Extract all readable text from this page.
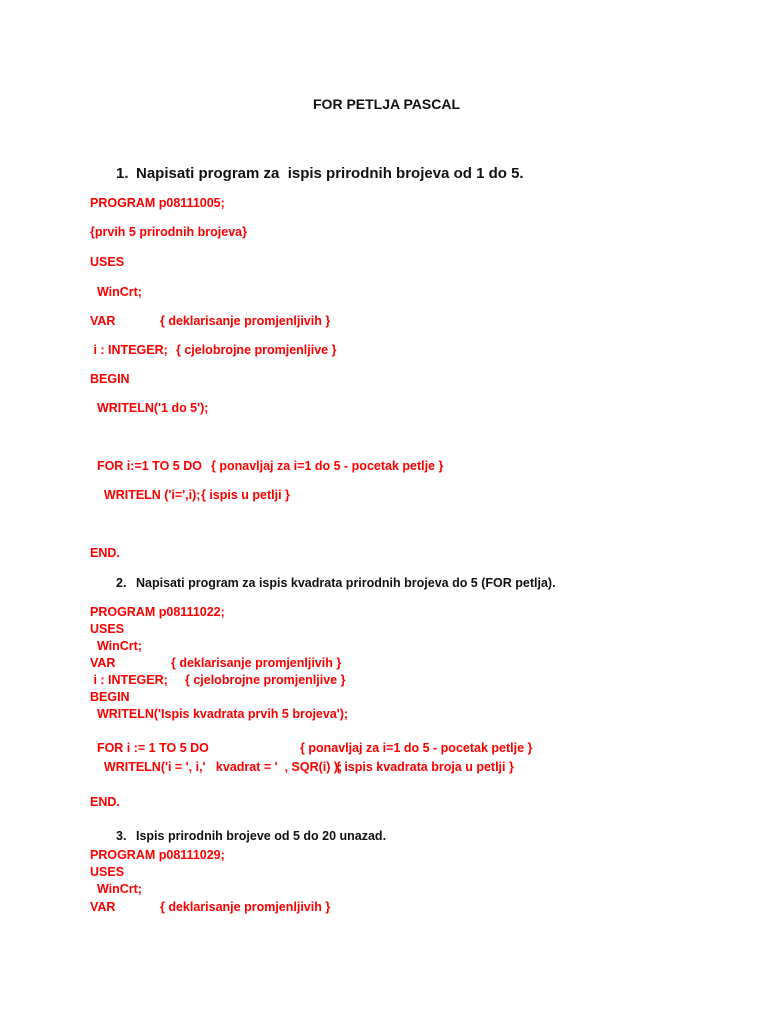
FOR PETLJA PASCAL
1. Napisati program za  ispis prirodnih brojeva od 1 do 5.
PROGRAM p08111005;
{prvih 5 prirodnih brojeva}
USES
WinCrt;
VAR	{ deklarisanje promjenljivih }
i : INTEGER; { cjelobrojne promjenljive }
BEGIN
WRITELN('1 do 5');
FOR i:=1 TO 5 DO { ponavljaj za i=1 do 5 - pocetak petlje }
WRITELN ('i=',i); { ispis u petlji }
END.
2. Napisati program za ispis kvadrata prirodnih brojeva do 5 (FOR petlja).
PROGRAM p08111022;
USES
WinCrt;
VAR	{ deklarisanje promjenljivih }
i : INTEGER; { cjelobrojne promjenljive }
BEGIN
WRITELN('Ispis kvadrata prvih 5 brojeva');
FOR i := 1 TO 5 DO	{ ponavljaj za i=1 do 5 - pocetak petlje }
WRITELN('i = ', i,'   kvadrat = '  , SQR(i) );
{ ispis kvadrata broja u petlji }
END.
3. Ispis prirodnih brojeve od 5 do 20 unazad.
PROGRAM p08111029;
USES
WinCrt;
VAR	{ deklarisanje promjenljivih }
